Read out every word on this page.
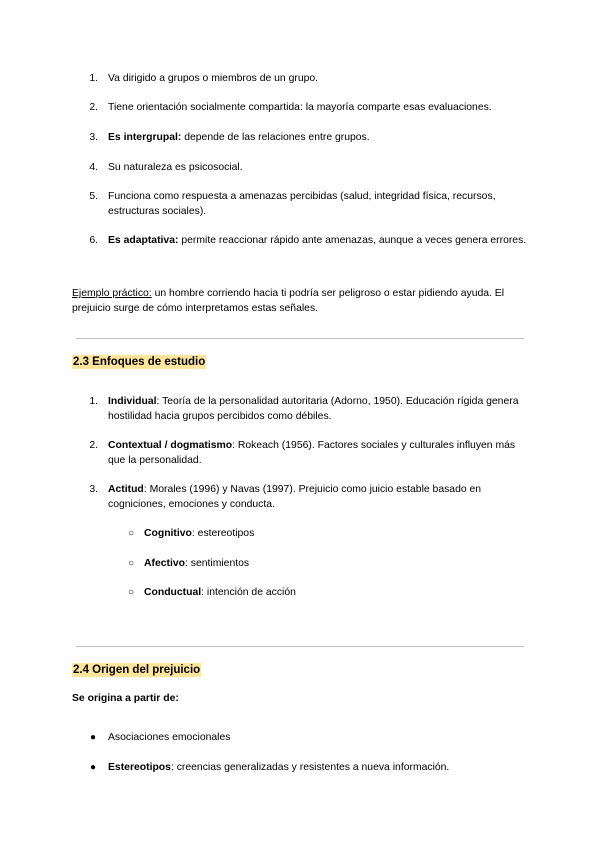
1. Va dirigido a grupos o miembros de un grupo.
2. Tiene orientación socialmente compartida: la mayoría comparte esas evaluaciones.
3. Es intergrupal: depende de las relaciones entre grupos.
4. Su naturaleza es psicosocial.
5. Funciona como respuesta a amenazas percibidas (salud, integridad física, recursos, estructuras sociales).
6. Es adaptativa: permite reaccionar rápido ante amenazas, aunque a veces genera errores.
Ejemplo práctico: un hombre corriendo hacia ti podría ser peligroso o estar pidiendo ayuda. El prejuicio surge de cómo interpretamos estas señales.
2.3 Enfoques de estudio
1. Individual: Teoría de la personalidad autoritaria (Adorno, 1950). Educación rígida genera hostilidad hacia grupos percibidos como débiles.
2. Contextual / dogmatismo: Rokeach (1956). Factores sociales y culturales influyen más que la personalidad.
3. Actitud: Morales (1996) y Navas (1997). Prejuicio como juicio estable basado en cogniciones, emociones y conducta.
○ Cognitivo: estereotipos
○ Afectivo: sentimientos
○ Conductual: intención de acción
2.4 Origen del prejuicio
Se origina a partir de:
● Asociaciones emocionales
● Estereotipos: creencias generalizadas y resistentes a nueva información.
